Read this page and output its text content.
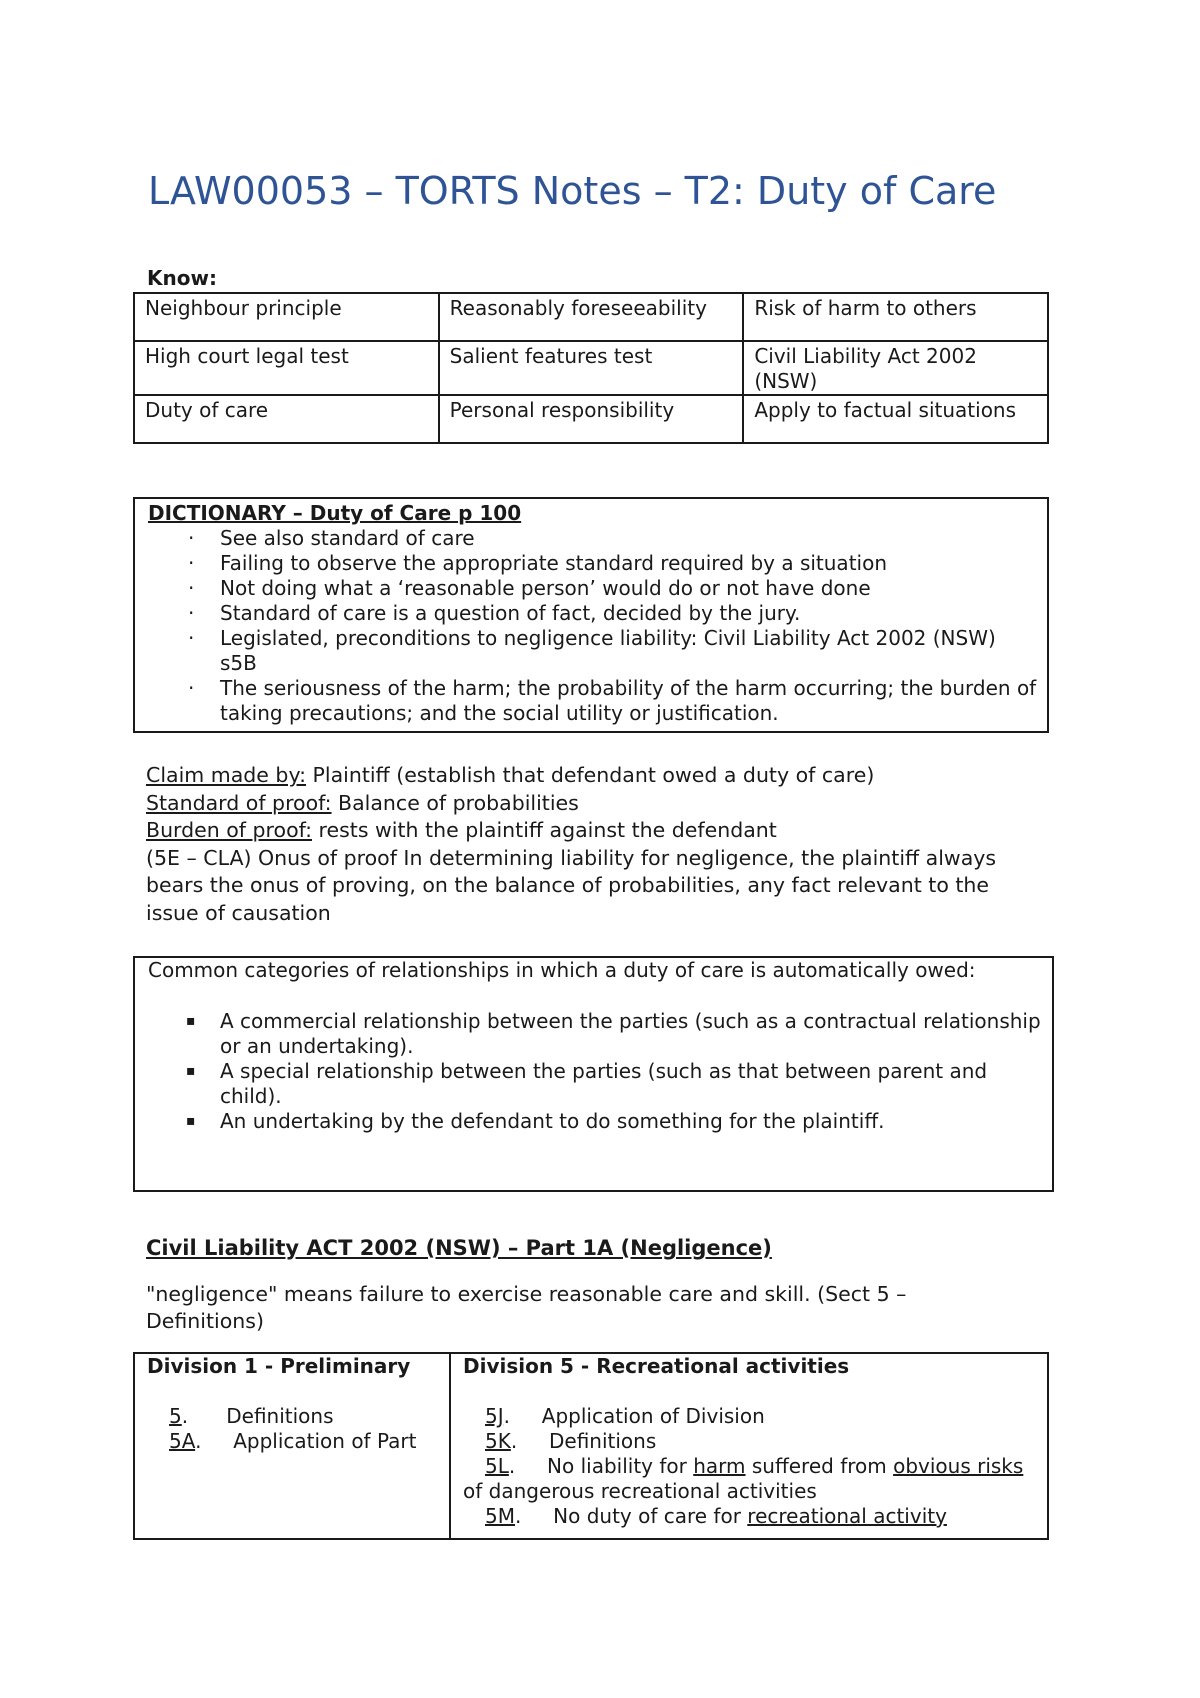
LAW00053 – TORTS Notes – T2: Duty of Care
Know:
Neighbour principle	Reasonably foreseeability	Risk of harm to others
High court legal test	Salient features test	Civil Liability Act 2002 (NSW)
Duty of care	Personal responsibility	Apply to factual situations
DICTIONARY – Duty of Care p 100
· See also standard of care
· Failing to observe the appropriate standard required by a situation
· Not doing what a ‘reasonable person’ would do or not have done
· Standard of care is a question of fact, decided by the jury.
· Legislated, preconditions to negligence liability: Civil Liability Act 2002 (NSW) s5B
· The seriousness of the harm; the probability of the harm occurring; the burden of taking precautions; and the social utility or justification.
Claim made by: Plaintiff (establish that defendant owed a duty of care)
Standard of proof: Balance of probabilities
Burden of proof: rests with the plaintiff against the defendant
(5E – CLA) Onus of proof In determining liability for negligence, the plaintiff always bears the onus of proving, on the balance of probabilities, any fact relevant to the issue of causation

Common categories of relationships in which a duty of care is automatically owed:

▪ A commercial relationship between the parties (such as a contractual relationship or an undertaking).
▪ A special relationship between the parties (such as that between parent and child).
▪ An undertaking by the defendant to do something for the plaintiff.
Civil Liability ACT 2002 (NSW) – Part 1A (Negligence)
"negligence" means failure to exercise reasonable care and skill. (Sect 5 – Definitions)
Division 1 - Preliminary
5.      Definitions
5A.     Application of Part

Division 5 - Recreational activities
5J.     Application of Division
5K.     Definitions
5L.     No liability for harm suffered from obvious risks of dangerous recreational activities
5M.     No duty of care for recreational activity
